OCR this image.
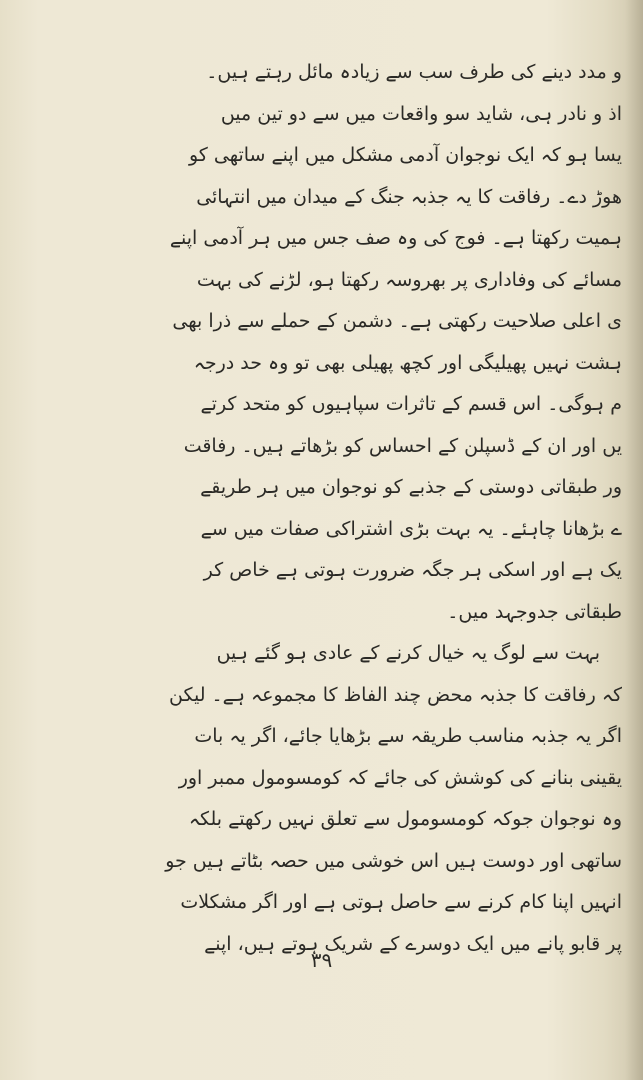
و مدد دینے کی طرف سب سے زیادہ مائل رہتے ہیں۔
اذ و نادر ہی، شاید سو واقعات میں سے دو تین میں
یسا ہو کہ ایک نوجوان آدمی مشکل میں اپنے ساتھی کو
ھوڑ دے۔ رفاقت کا یہ جذبہ جنگ کے میدان میں انتہائی
ہمیت رکھتا ہے۔ فوج کی وہ صف جس میں ہر آدمی اپنے
مسائے کی وفاداری پر بھروسہ رکھتا ہو، لڑنے کی بہت
ی اعلی صلاحیت رکھتی ہے۔ دشمن کے حملے سے ذرا بھی
ہشت نہیں پھیلیگی اور کچھ پھیلی بھی تو وہ حد درجہ
م ہوگی۔ اس قسم کے تاثرات سپاہیوں کو متحد کرتے
یں اور ان کے ڈسپلن کے احساس کو بڑھاتے ہیں۔ رفاقت
ور طبقاتی دوستی کے جذبے کو نوجوان میں ہر طریقے
ے بڑھانا چاہئے۔ یہ بہت بڑی اشتراکی صفات میں سے
یک ہے اور اسکی ہر جگہ ضرورت ہوتی ہے خاص کر
طبقاتی جدوجہد میں۔
بہت سے لوگ یہ خیال کرنے کے عادی ہو گئے ہیں
کہ رفاقت کا جذبہ محض چند الفاظ کا مجموعہ ہے۔ لیکن
اگر یہ جذبہ مناسب طریقہ سے بڑھایا جائے، اگر یہ بات
یقینی بنانے کی کوشش کی جائے کہ کومسومول ممبر اور
وہ نوجوان جوکہ کومسومول سے تعلق نہیں رکھتے بلکہ
ساتھی اور دوست ہیں اس خوشی میں حصہ بٹاتے ہیں جو
انہیں اپنا کام کرنے سے حاصل ہوتی ہے اور اگر مشکلات
پر قابو پانے میں ایک دوسرے کے شریک ہوتے ہیں، اپنے
۳۹
